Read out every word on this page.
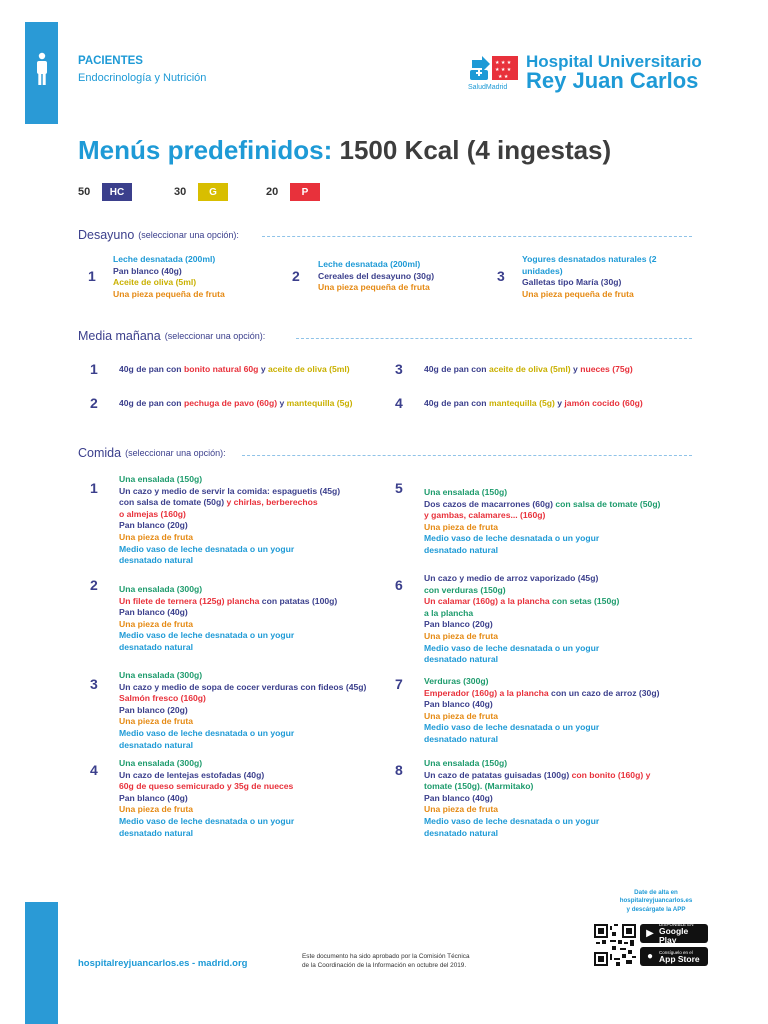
PACIENTES
Endocrinología y Nutrición
★ ★ ★
★ ★ ★
★ ★
SaludMadrid
Hospital Universitario
Rey Juan Carlos
Menús predefinidos: 1500 Kcal (4 ingestas)
50	HC	30	G	20	P
Desayuno (seleccionar una opción):
1
Leche desnatada (200ml)
Pan blanco (40g)
Aceite de oliva (5ml)
Una pieza pequeña de fruta
2
Leche desnatada (200ml)
Cereales del desayuno (30g)
Una pieza pequeña de fruta
3
Yogures desnatados naturales (2
unidades)
Galletas tipo María (30g)
Una pieza pequeña de fruta
Media mañana (seleccionar una opción):
1 40g de pan con bonito natural 60g y aceite de oliva (5ml)	3 40g de pan con aceite de oliva (5ml) y nueces (75g)
2 40g de pan con pechuga de pavo (60g) y mantequilla (5g)	4 40g de pan con mantequilla (5g) y jamón cocido (60g)
Comida (seleccionar una opción):
1
Una ensalada (150g)
Un cazo y medio de servir la comida: espaguetis (45g)
con salsa de tomate (50g) y chirlas, berberechos
o almejas (160g)
Pan blanco (20g)
Una pieza de fruta
Medio vaso de leche desnatada o un yogur
desnatado natural
5 Una ensalada (150g)
Dos cazos de macarrones (60g) con salsa de tomate (50g)
y gambas, calamares... (160g)
Una pieza de fruta
Medio vaso de leche desnatada o un yogur
desnatado natural
2 Una ensalada (300g)
Un filete de ternera (125g) plancha con patatas (100g)
Pan blanco (40g)
Una pieza de fruta
Medio vaso de leche desnatada o un yogur
desnatado natural
6 Un cazo y medio de arroz vaporizado (45g)
con verduras (150g)
Un calamar (160g) a la plancha con setas (150g)
a la plancha
Pan blanco (20g)
Una pieza de fruta
Medio vaso de leche desnatada o un yogur
desnatado natural
3
Una ensalada (300g)
Un cazo y medio de sopa de cocer verduras con fideos (45g)
Salmón fresco (160g)
Pan blanco (20g)
Una pieza de fruta
Medio vaso de leche desnatada o un yogur
desnatado natural
7 Verduras (300g)
Emperador (160g) a la plancha con un cazo de arroz (30g)
Pan blanco (40g)
Una pieza de fruta
Medio vaso de leche desnatada o un yogur
desnatado natural
4 Una ensalada (300g)
Un cazo de lentejas estofadas (40g)
60g de queso semicurado y 35g de nueces
Pan blanco (40g)
Una pieza de fruta
Medio vaso de leche desnatada o un yogur
desnatado natural
8 Una ensalada (150g)
Un cazo de patatas guisadas (100g) con bonito (160g) y
tomate (150g). (Marmitako)
Pan blanco (40g)
Una pieza de fruta
Medio vaso de leche desnatada o un yogur
desnatado natural
hospitalreyjuancarlos.es - madrid.org
Este documento ha sido aprobado por la Comisión Técnica
de la Coordinación de la Información en octubre del 2019.
Date de alta en
hospitalreyjuancarlos.es
y descárgate la APP
▶
DISPONIBLE EN
Google Play
●	Consíguelo en el
App Store
